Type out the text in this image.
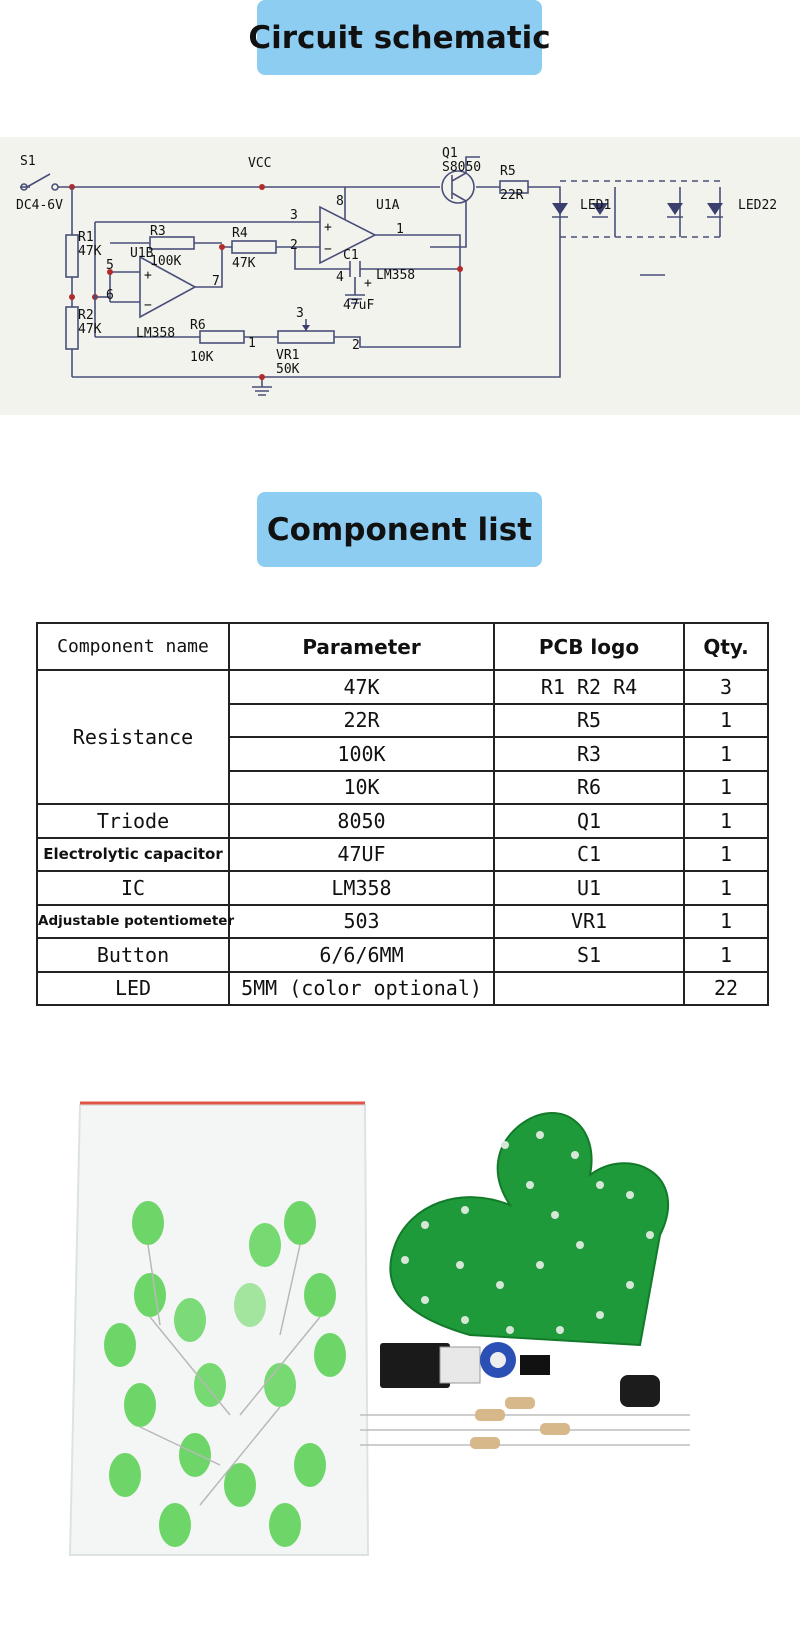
Circuit schematic
S1
DC4-6V
VCC
Q1
S8050 R5
22R
LED1	LED22
U1A
U1B
R1
47K
R2
47K
R3
100K
R4
47K
R6
10K
C1
47uF
LM358
LM358
VR1
50K
8
3
2
1
4
5
6
7
3
1	2
+
−
+
−
+
Component list
Component name	Parameter	PCB logo	Qty.
Resistance	47K	R1 R2 R4	3
	22R	R5	1
	100K	R3	1
	10K	R6	1
Triode	8050	Q1	1
Electrolytic capacitor	47UF	C1	1
IC	LM358	U1	1
Adjustable potentiometer	503	VR1	1
Button	6/6/6MM	S1	1
LED	5MM (color optional)		22
